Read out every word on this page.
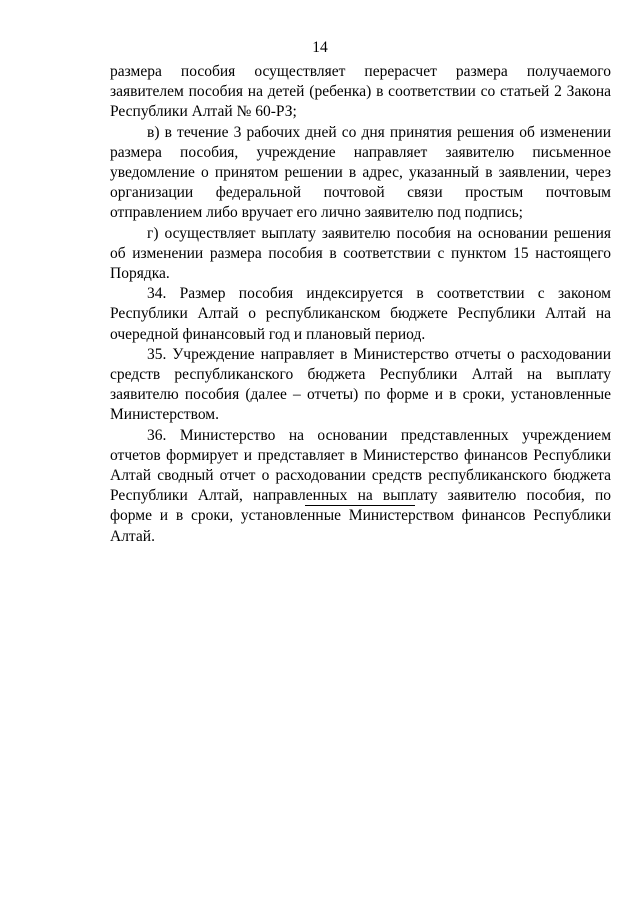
14

размера пособия осуществляет перерасчет размера получаемого заявителем пособия на детей (ребенка) в соответствии со статьей 2 Закона Республики Алтай № 60-РЗ;

в) в течение 3 рабочих дней со дня принятия решения об изменении размера пособия, учреждение направляет заявителю письменное уведомление о принятом решении в адрес, указанный в заявлении, через организации федеральной почтовой связи простым почтовым отправлением либо вручает его лично заявителю под подпись;

г) осуществляет выплату заявителю пособия на основании решения об изменении размера пособия в соответствии с пунктом 15 настоящего Порядка.

34. Размер пособия индексируется в соответствии с законом Республики Алтай о республиканском бюджете Республики Алтай на очередной финансовый год и плановый период.

35. Учреждение направляет в Министерство отчеты о расходовании средств республиканского бюджета Республики Алтай на выплату заявителю пособия (далее – отчеты) по форме и в сроки, установленные Министерством.

36. Министерство на основании представленных учреждением отчетов формирует и представляет в Министерство финансов Республики Алтай сводный отчет о расходовании средств республиканского бюджета Республики Алтай, направленных на выплату заявителю пособия, по форме и в сроки, установленные Министерством финансов Республики Алтай.
